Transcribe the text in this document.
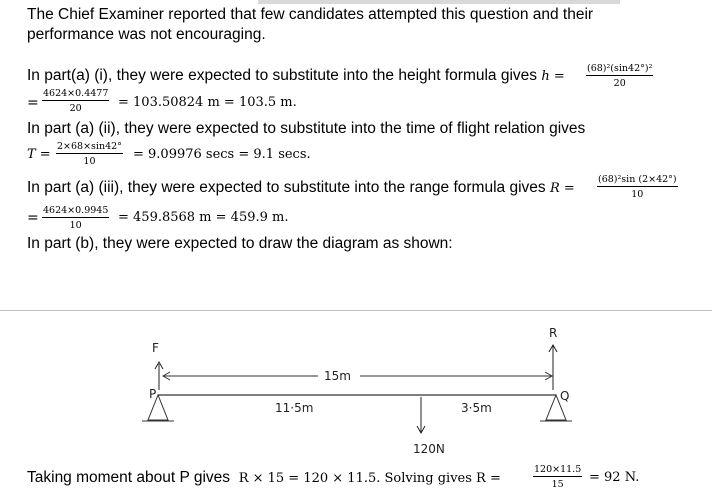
The Chief Examiner reported that few candidates attempted this question and their
performance was not encouraging.
In part(a) (i), they were expected to substitute into the height formula gives $h = \frac{\text{(68)²(sin42°)²}}{20}$
= $\frac{4624\times 0.4477}{20} = 103.50824$ m = 103.5 m.
In part (a) (ii), they were expected to substitute into the time of flight relation gives
$T = \frac{2\times 68\times\sin 42^\circ}{10} = 9.09976$ secs = 9.1 secs.
In part (a) (iii), they were expected to substitute into the range formula gives $R = \frac{\text{(68)²sin (2×42°)}}{10}$
= $\frac{4624\times 0.9945}{10} = 459.8568$ m = 459.9 m.
In part (b), they were expected to draw the diagram as shown:
F
P
R
Q
15m
11·5m	3·5m
120N
Taking moment about P gives R × 15 = 120 × 11.5. Solving gives R =	$\frac{120\times 11.5}{15} = 92$ N.
